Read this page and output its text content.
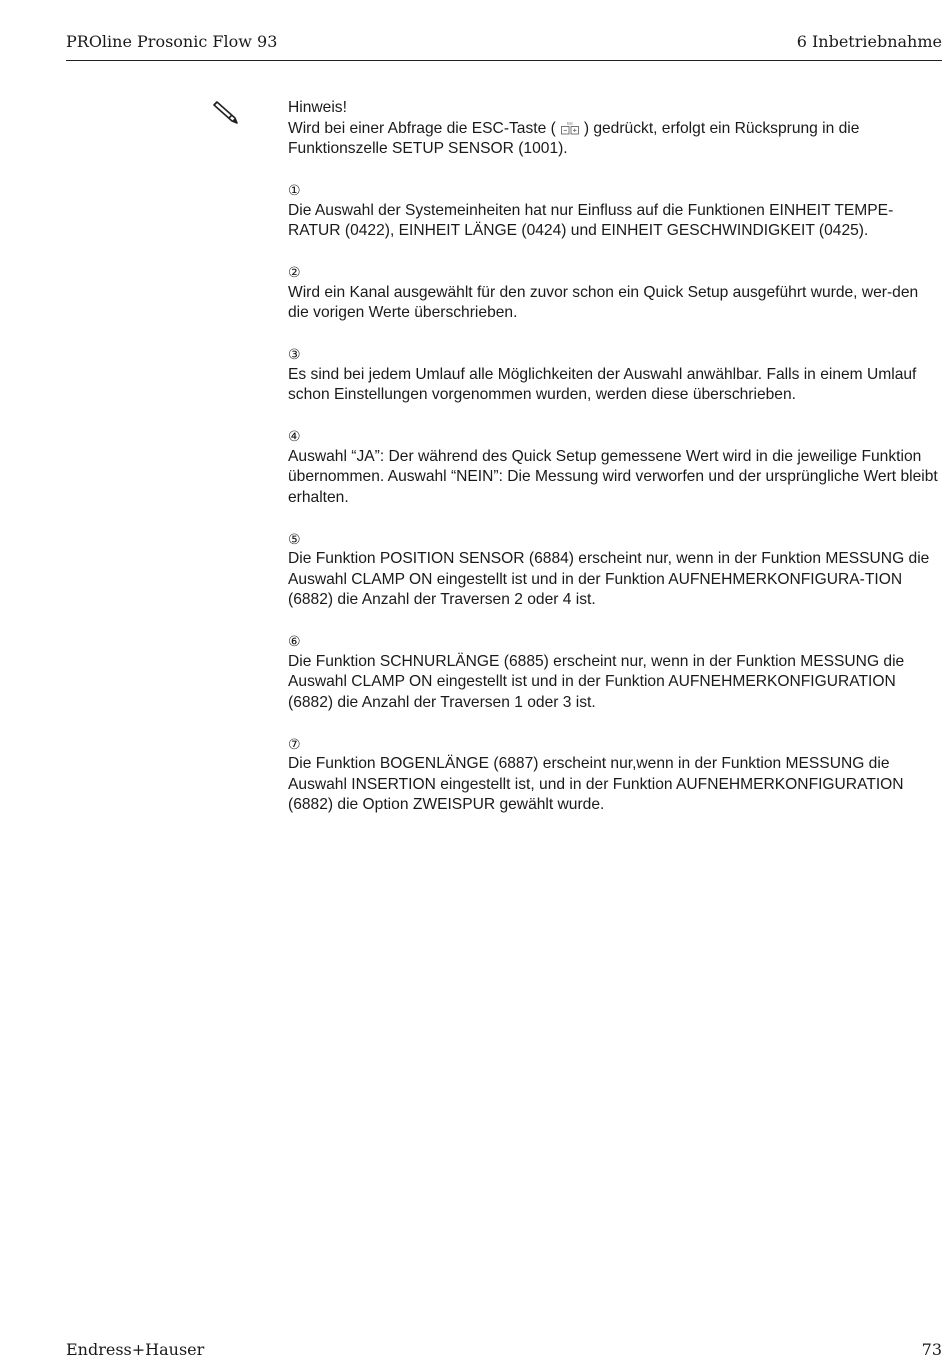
PROline Prosonic Flow 93	6 Inbetriebnahme

Hinweis!

Wird bei einer Abfrage die ESC-Taste (	Esc ) gedrückt, erfolgt ein Rücksprung in die Funktionszelle SETUP SENSOR (1001).

①

Die Auswahl der Systemeinheiten hat nur Einfluss auf die Funktionen EINHEIT TEMPE-RATUR (0422), EINHEIT LÄNGE (0424) und EINHEIT GESCHWINDIGKEIT (0425).

②

Wird ein Kanal ausgewählt für den zuvor schon ein Quick Setup ausgeführt wurde, wer-den die vorigen Werte überschrieben.

③

Es sind bei jedem Umlauf alle Möglichkeiten der Auswahl anwählbar. Falls in einem Umlauf schon Einstellungen vorgenommen wurden, werden diese überschrieben.

④

Auswahl “JA”: Der während des Quick Setup gemessene Wert wird in die jeweilige Funktion übernommen. Auswahl “NEIN”: Die Messung wird verworfen und der ursprüngliche Wert bleibt erhalten.

⑤

Die Funktion POSITION SENSOR (6884) erscheint nur, wenn in der Funktion MESSUNG die Auswahl CLAMP ON eingestellt ist und in der Funktion AUFNEHMERKONFIGURA-TION (6882) die Anzahl der Traversen 2 oder 4 ist.

⑥

Die Funktion SCHNURLÄNGE (6885) erscheint nur, wenn in der Funktion MESSUNG die Auswahl CLAMP ON eingestellt ist und in der Funktion AUFNEHMERKONFIGURATION (6882) die Anzahl der Traversen 1 oder 3 ist.

⑦

Die Funktion BOGENLÄNGE (6887) erscheint nur,wenn in der Funktion MESSUNG die Auswahl INSERTION eingestellt ist, und in der Funktion AUFNEHMERKONFIGURATION (6882) die Option ZWEISPUR gewählt wurde.

Endress+Hauser	73
